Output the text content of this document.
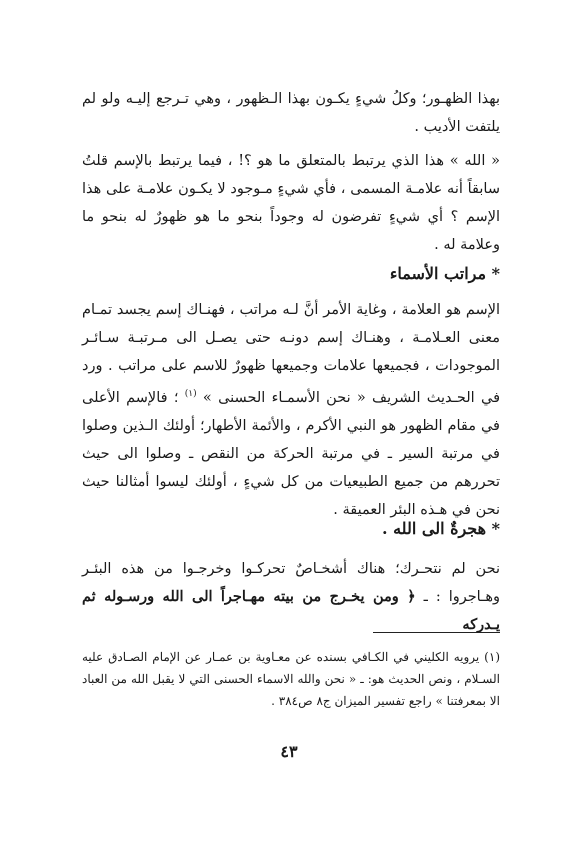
بهذا الظهـور؛ وكلُ شيءٍ يكـون بهذا الـظهور ، وهي تـرجع إليـه ولو لم يلتفت الأديب .

« الله » هذا الذي يرتبط بالمتعلق ما هو ؟! ، فيما يرتبط بالإسم قلتُ سابقاً أنه علامـة المسمى ، فأي شيءٍ مـوجود لا يكـون علامـة على هذا الإسم ؟ أي شيءٍ تفرضون له وجوداً بنحو ما هو ظهورٌ له بنحو ما وعلامة له .

* مراتب الأسماء

الإسم هو العلامة ، وغاية الأمر أنَّ لـه مراتب ، فهنـاك إسم يجسد تمـام معنى العـلامـة ، وهنـاك إسم دونـه حتى يصـل الى مـرتبـة سـائـر الموجودات ، فجميعها علامات وجميعها ظهورٌ للاسم على مراتب . ورد في الحـديث الشريف « نحن الأسمـاء الحسنى » $^{(١)}$ ؛ فالإسم الأعلى في مقام الظهور هو النبي الأكرم ، والأئمة الأطهار؛ أولئك الـذين وصلوا في مرتبة السير ـ في مرتبة الحركة من النقص ـ وصلوا الى حيث تحررهم من جميع الطبيعيات من كل شيءٍ ، أولئك ليسوا أمثالنا حيث نحن في هـذه البئر العميقة .

* هجرةٌ الى الله .

نحن لم نتحـرك؛ هناك أشخـاصٌ تحركـوا وخرجـوا من هذه البئـر وهـاجروا : ـ ﴿ ومن يخـرج من بيته مهـاجراً الى الله ورسـوله ثم يـدركه

(١) يرويه الكليني في الكـافي بسنده عن معـاوية بن عمـار عن الإمام الصـادق عليه السـلام ، ونص الحديث هو: ـ « نحن والله الاسماء الحسنى التي لا يقبل الله من العباد الا بمعرفتنا » راجع تفسير الميزان ج٨ ص٣٨٤ .

٤٣
